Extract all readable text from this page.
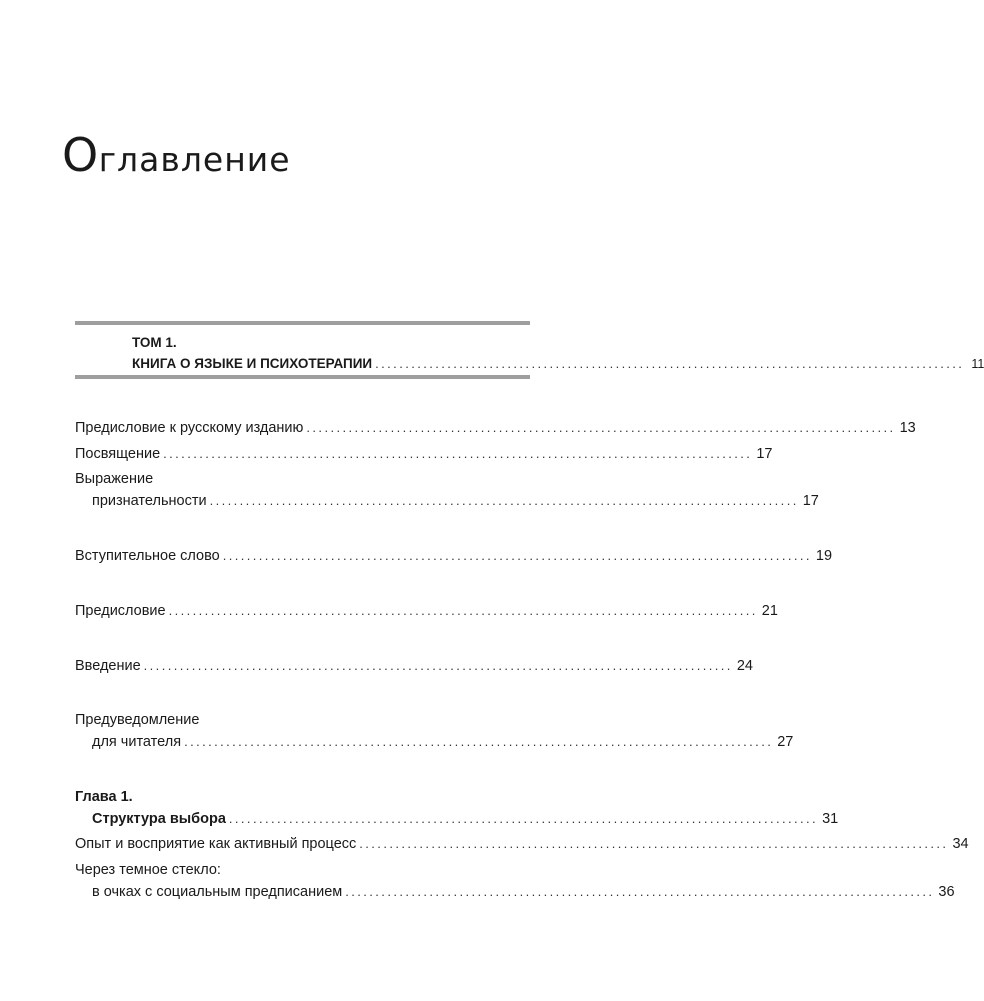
Оглавление
ТОМ 1.
КНИГА О ЯЗЫКЕ И ПСИХОТЕРАПИИ .................................................................................................. 11
Предисловие к русскому изданию .................................................................................................. 13
Посвящение .................................................................................................. 17
Выражение
признательности .................................................................................................. 17
Вступительное слово .................................................................................................. 19
Предисловие .................................................................................................. 21
Введение .................................................................................................. 24
Предуведомление
для читателя .................................................................................................. 27
Глава 1.
Структура выбора .................................................................................................. 31
Опыт и восприятие как активный процесс .................................................................................................. 34
Через темное стекло:
в очках с социальным предписанием .................................................................................................. 36
